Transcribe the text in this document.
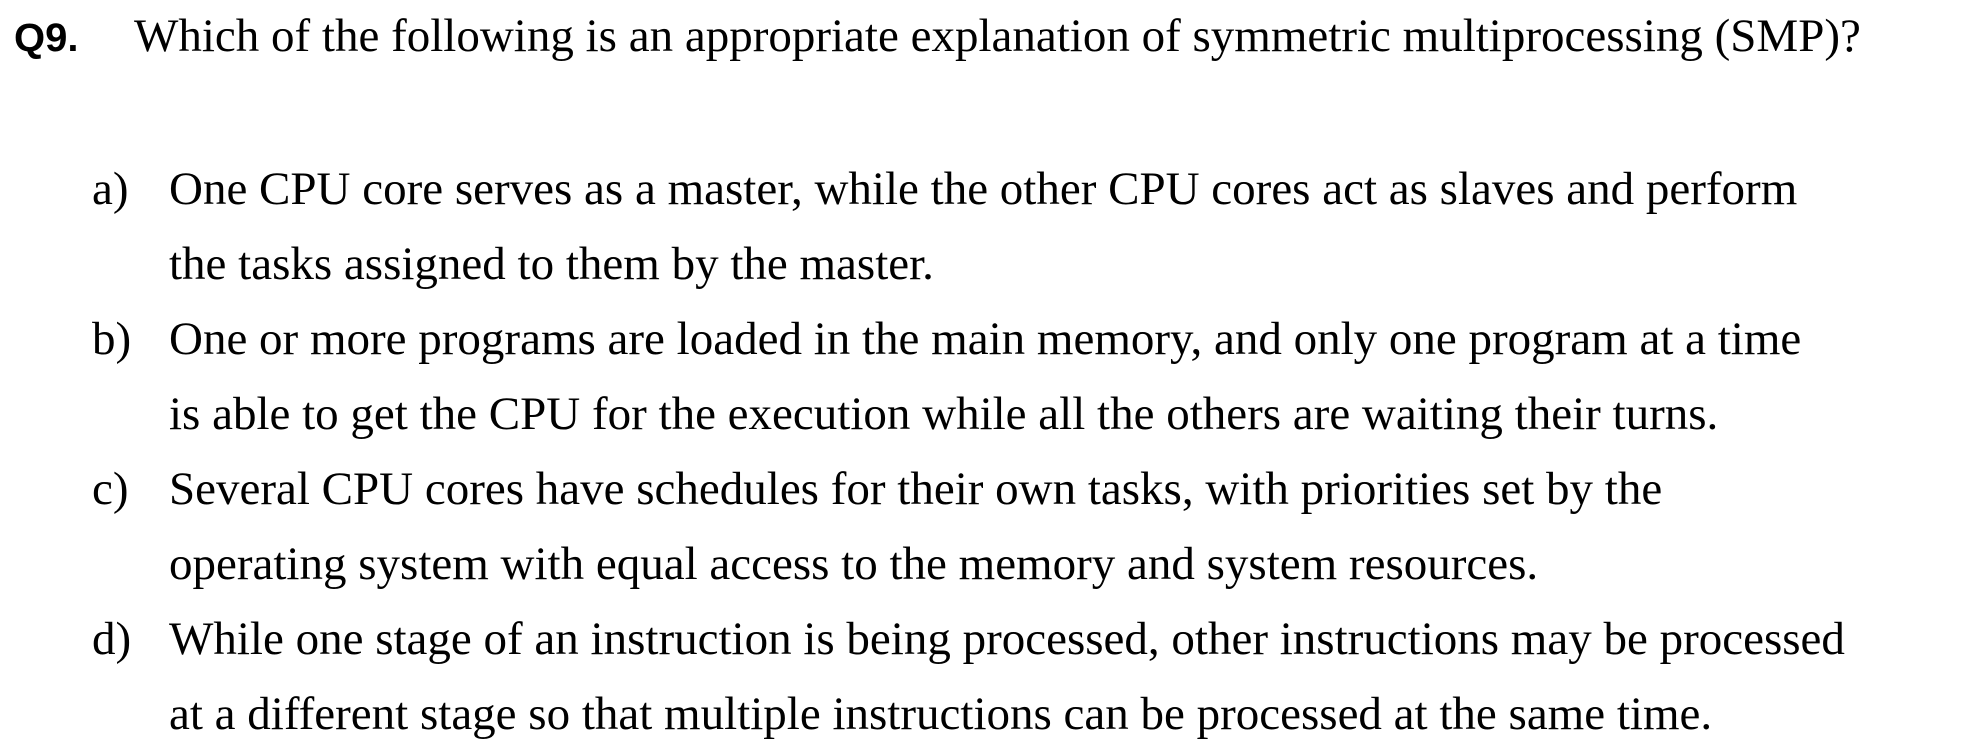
Q9. Which of the following is an appropriate explanation of symmetric multiprocessing (SMP)?
a) One CPU core serves as a master, while the other CPU cores act as slaves and perform
the tasks assigned to them by the master.
b) One or more programs are loaded in the main memory, and only one program at a time
is able to get the CPU for the execution while all the others are waiting their turns.
c) Several CPU cores have schedules for their own tasks, with priorities set by the
operating system with equal access to the memory and system resources.
d) While one stage of an instruction is being processed, other instructions may be processed
at a different stage so that multiple instructions can be processed at the same time.
